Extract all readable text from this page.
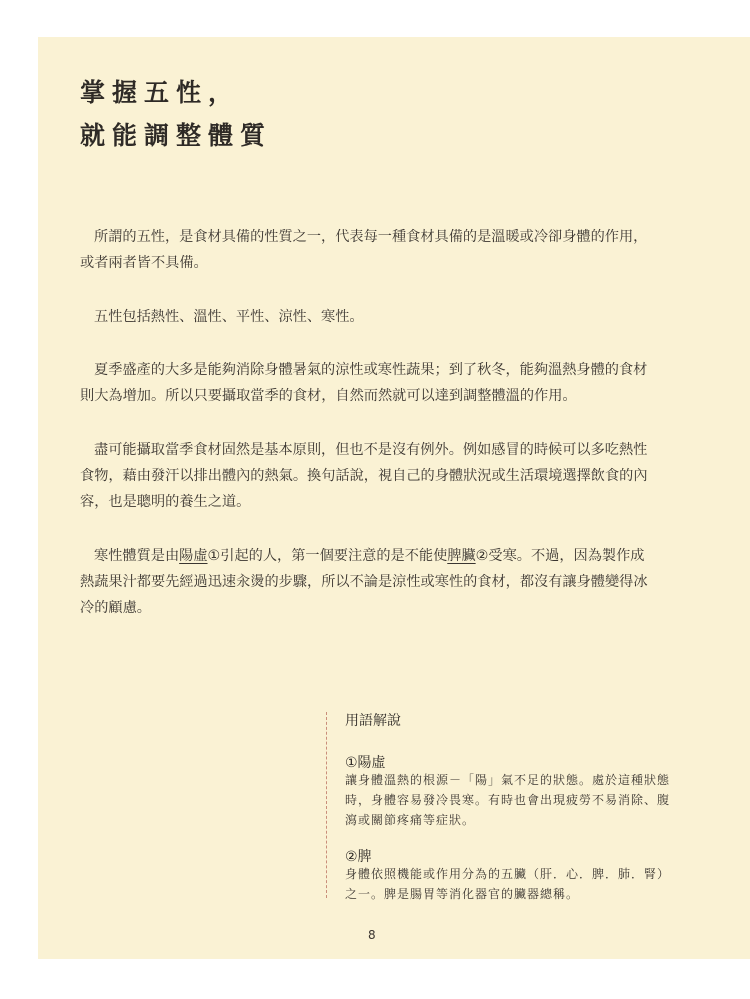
掌握五性，
就能調整體質
所謂的五性，是食材具備的性質之一，代表每一種食材具備的是溫暖或冷卻身體的作用，
或者兩者皆不具備。
五性包括熱性、溫性、平性、涼性、寒性。
夏季盛產的大多是能夠消除身體暑氣的涼性或寒性蔬果；到了秋冬，能夠溫熱身體的食材
則大為增加。所以只要攝取當季的食材，自然而然就可以達到調整體溫的作用。
盡可能攝取當季食材固然是基本原則，但也不是沒有例外。例如感冒的時候可以多吃熱性
食物，藉由發汗以排出體內的熱氣。換句話說，視自己的身體狀況或生活環境選擇飲食的內
容，也是聰明的養生之道。
寒性體質是由陽虛①引起的人，第一個要注意的是不能使脾臟②受寒。不過，因為製作成
熱蔬果汁都要先經過迅速汆燙的步驟，所以不論是涼性或寒性的食材，都沒有讓身體變得冰
冷的顧慮。
用語解說
①陽虛
讓身體溫熱的根源－「陽」氣不足的狀態。處於這種狀態
時，身體容易發冷畏寒。有時也會出現疲勞不易消除、腹
瀉或關節疼痛等症狀。
②脾
身體依照機能或作用分為的五臟（肝．心．脾．肺．腎）
之一。脾是腸胃等消化器官的臟器總稱。
8
